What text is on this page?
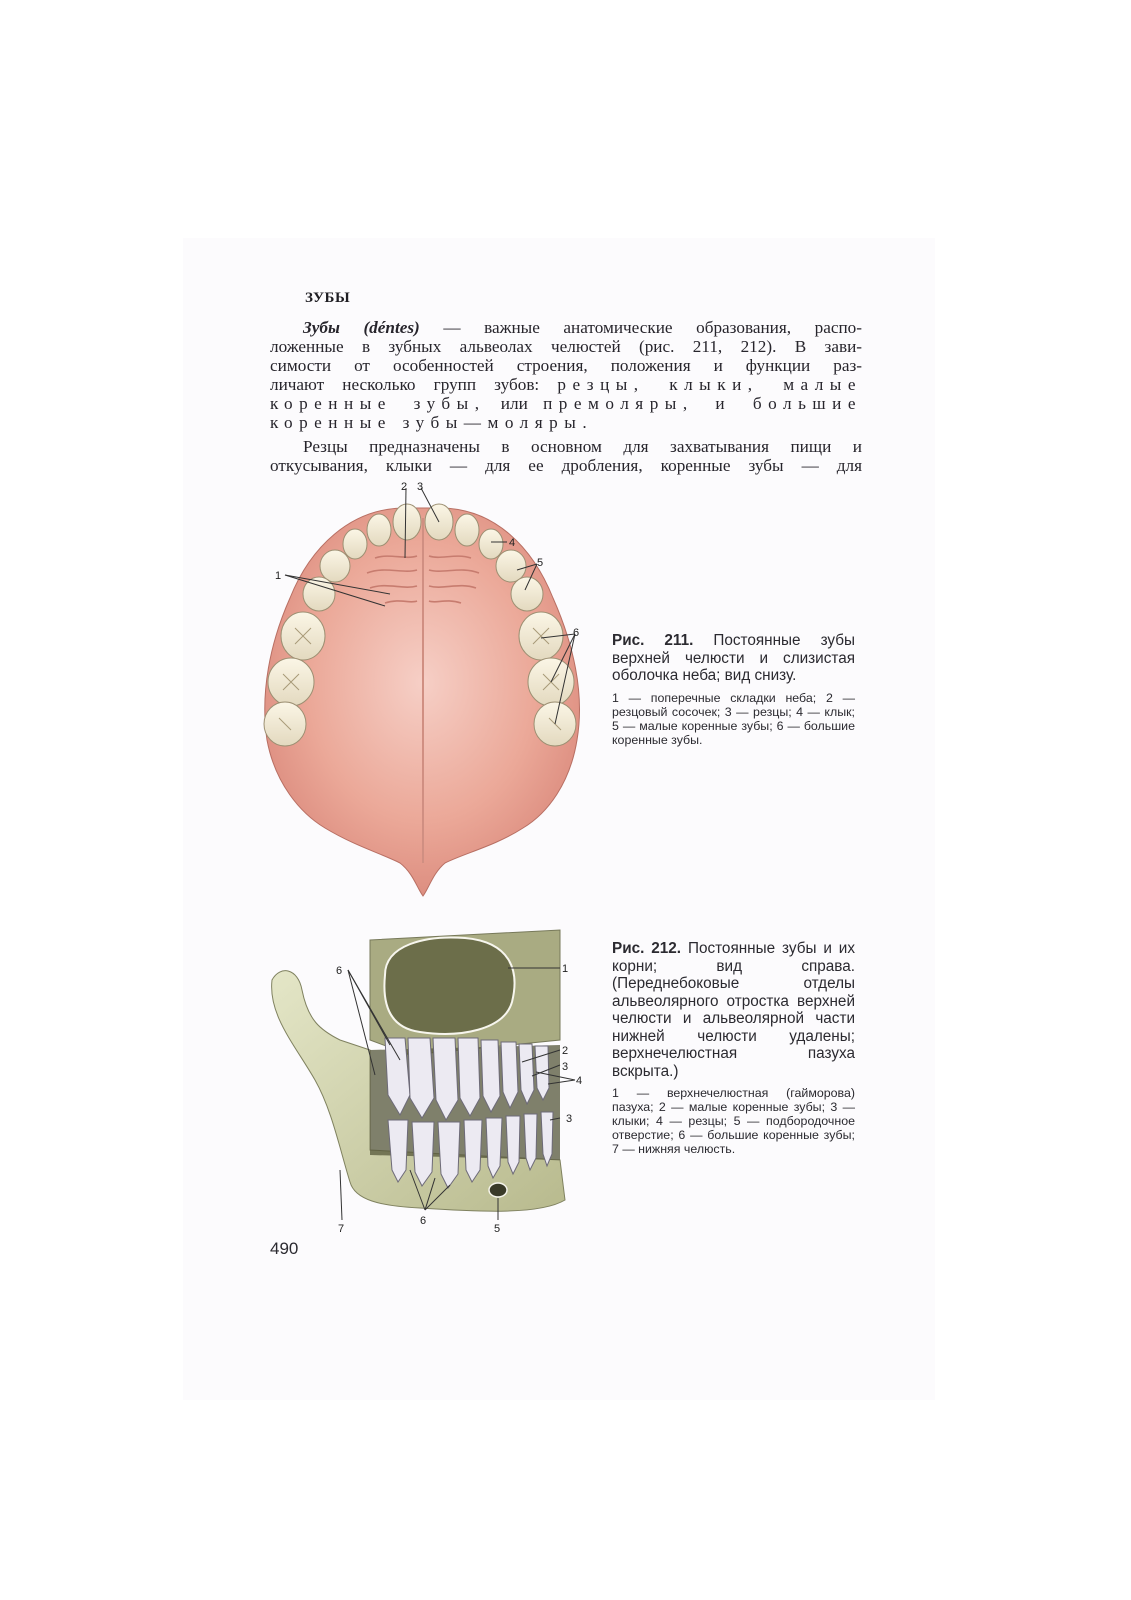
ЗУБЫ
Зубы (déntes) — важные анатомические образования, распо-
ложенные в зубных альвеолах челюстей (рис. 211, 212). В зави-
симости от особенностей строения, положения и функции раз-
личают несколько групп зубов: резцы, клыки, малые
коренные зубы, или премоляры, и большие
коренные зубы—моляры.
Резцы предназначены в основном для захватывания пищи и
откусывания, клыки — для ее дробления, коренные зубы — для
1
2 3
4
5
6 Рис. 211. Постоянные зубы верхней челюсти и слизистая оболочка неба; вид снизу.

1 — поперечные складки неба; 2 — резцовый сосочек; 3 — резцы; 4 — клык; 5 — малые коренные зубы; 6 — большие коренные зубы.

1
2
3
3
4
5
6
6
7

Рис. 212. Постоянные зубы и их корни; вид справа. (Переднебоковые отделы альвеолярного отростка верхней челюсти и альвеолярной части нижней челюсти удалены; верхнечелюстная пазуха вскрыта.)

1 — верхнечелюстная (гайморова) пазуха; 2 — малые коренные зубы; 3 — клыки; 4 — резцы; 5 — подбородочное отверстие; 6 — большие коренные зубы; 7 — нижняя челюсть.

490
